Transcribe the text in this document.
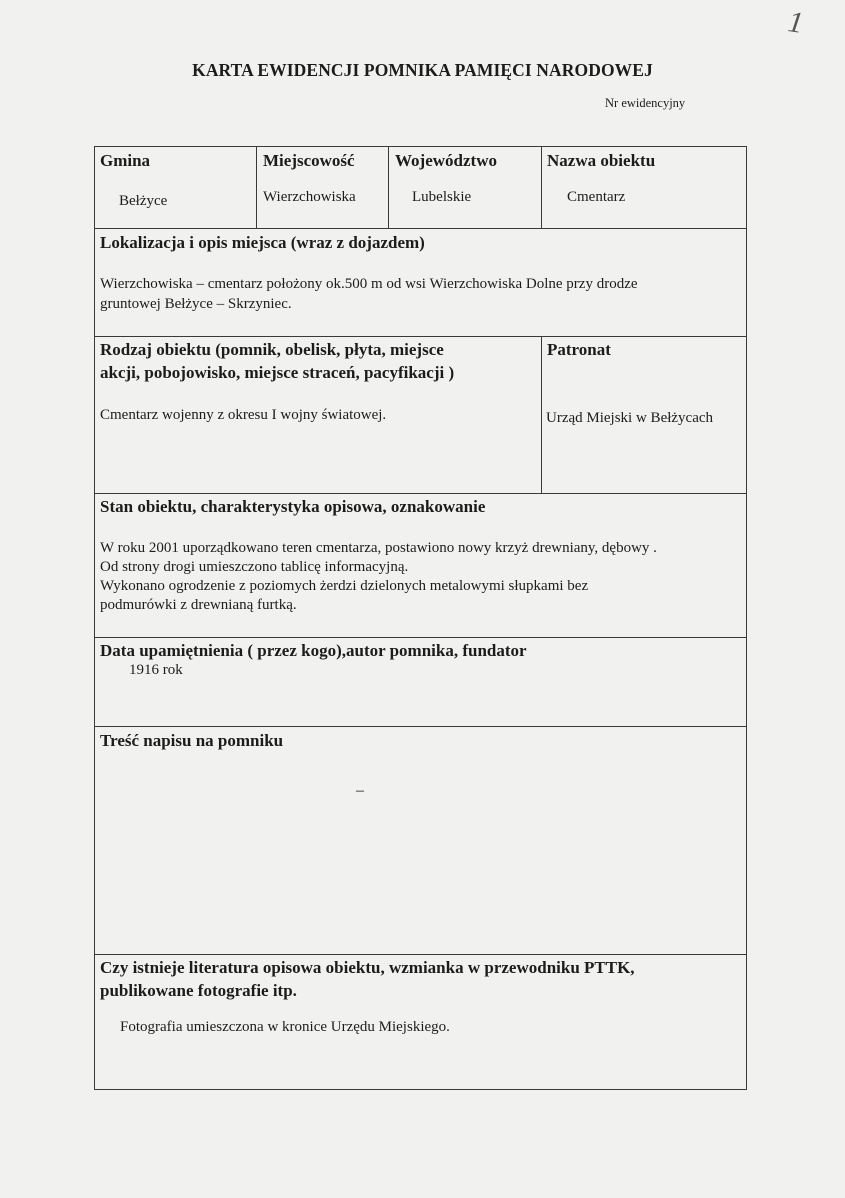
1
KARTA EWIDENCJI POMNIKA PAMIĘCI NARODOWEJ
Nr ewidencyjny
Gmina
Bełżyce
Miejscowość
Wierzchowiska
Województwo
Lubelskie
Nazwa obiektu
Cmentarz
Lokalizacja i opis miejsca (wraz z dojazdem)
Wierzchowiska – cmentarz położony ok.500 m od wsi Wierzchowiska Dolne przy drodze
gruntowej Bełżyce – Skrzyniec.
Rodzaj obiektu (pomnik, obelisk, płyta, miejsce
akcji, pobojowisko, miejsce straceń, pacyfikacji )
Cmentarz wojenny z okresu I wojny światowej.
Patronat
Urząd Miejski w Bełżycach
Stan obiektu, charakterystyka opisowa, oznakowanie
W roku 2001 uporządkowano teren cmentarza, postawiono nowy krzyż drewniany, dębowy .
Od strony drogi umieszczono tablicę informacyjną.
Wykonano ogrodzenie z poziomych żerdzi dzielonych metalowymi słupkami bez
podmurówki z drewnianą furtką.
Data upamiętnienia ( przez kogo),autor pomnika, fundator
1916 rok
Treść napisu na pomniku
–
Czy istnieje literatura opisowa obiektu, wzmianka w przewodniku PTTK,
publikowane fotografie itp.
Fotografia umieszczona w kronice Urzędu Miejskiego.
